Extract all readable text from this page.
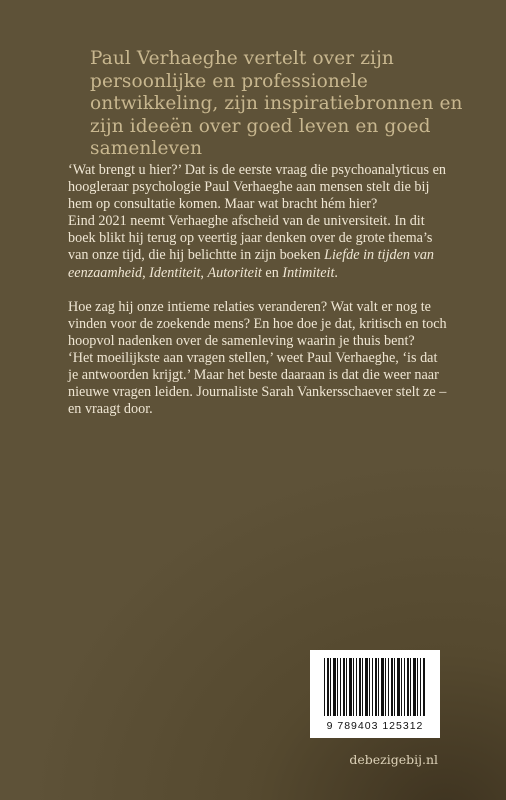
Paul Verhaeghe vertelt over zijn persoonlijke en professionele ontwikkeling, zijn inspiratiebronnen en zijn ideeën over goed leven en goed samenleven

‘Wat brengt u hier?’ Dat is de eerste vraag die psychoanalyticus en hoogleraar psychologie Paul Verhaeghe aan mensen stelt die bij hem op consultatie komen. Maar wat bracht hém hier?

Eind 2021 neemt Verhaeghe afscheid van de universiteit. In dit boek blikt hij terug op veertig jaar denken over de grote thema’s van onze tijd, die hij belichtte in zijn boeken Liefde in tijden van eenzaamheid, Identiteit, Autoriteit en Intimiteit.

Hoe zag hij onze intieme relaties veranderen? Wat valt er nog te vinden voor de zoekende mens? En hoe doe je dat, kritisch en toch hoopvol nadenken over de samenleving waarin je thuis bent?

‘Het moeilijkste aan vragen stellen,’ weet Paul Verhaeghe, ‘is dat je antwoorden krijgt.’ Maar het beste daaraan is dat die weer naar nieuwe vragen leiden. Journaliste Sarah Vankersschaever stelt ze – en vraagt door.

9 789403 125312
debezigebij.nl
